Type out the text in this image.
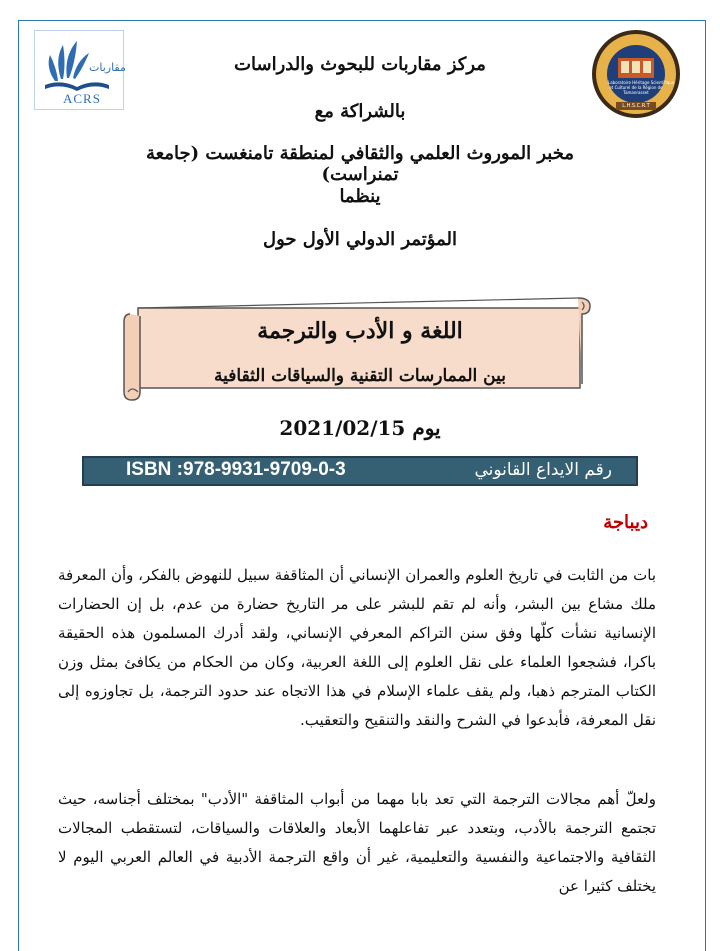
مقاربات
ACRS
Laboratoire Héritage Scientifique
et Culturel de la Région de
Tamanrasset
L.H.S.C.R.T
مركز مقاربات للبحوث والدراسات
بالشراكة مع
مخبر الموروث العلمي والثقافي لمنطقة تامنغست (جامعة تمنراست)
ينظما
المؤتمر الدولي الأول حول
اللغة و الأدب والترجمة
بين الممارسات التقنية والسياقات الثقافية
يوم 2021/02/15
رقم الايداع القانوني
ISBN :978-9931-9709-0-3
ديباجة
بات من الثابت في تاريخ العلوم والعمران الإنساني أن المثاقفة سبيل للنهوض بالفكر، وأن المعرفة ملك مشاع بين البشر، وأنه لم تقم للبشر على مر التاريخ حضارة من عدم، بل إن الحضارات الإنسانية نشأت كلّها وفق سنن التراكم المعرفي الإنساني، ولقد أدرك المسلمون هذه الحقيقة باكرا، فشجعوا العلماء على نقل العلوم إلى اللغة العربية، وكان من الحكام من يكافئ بمثل وزن الكتاب المترجم ذهبا، ولم يقف علماء الإسلام في هذا الاتجاه عند حدود الترجمة، بل تجاوزوه إلى نقل المعرفة، فأبدعوا في الشرح والنقد والتنقيح والتعقيب.
ولعلّ أهم مجالات الترجمة التي تعد بابا مهما من أبواب المثاقفة "الأدب" بمختلف أجناسه، حيث تجتمع الترجمة بالأدب، وبتعدد عبر تفاعلهما الأبعاد والعلاقات والسياقات، لتستقطب المجالات الثقافية والاجتماعية والنفسية والتعليمية، غير أن واقع الترجمة الأدبية في العالم العربي اليوم لا يختلف كثيرا عن
